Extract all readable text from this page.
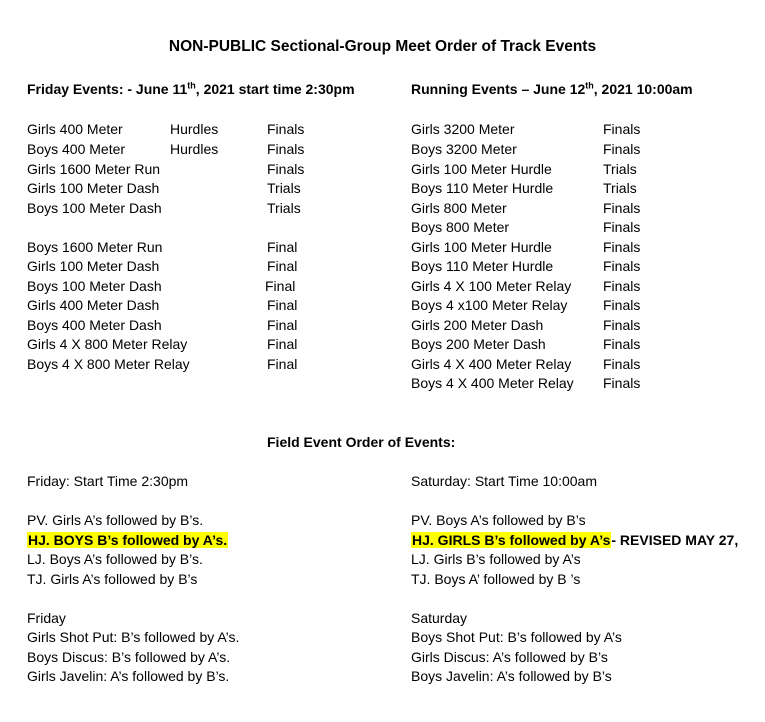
NON-PUBLIC Sectional-Group Meet Order of Track Events
Friday Events: - June 11th, 2021 start time 2:30pm	Running Events – June 12th, 2021 10:00am
Girls 400 Meter	Hurdles	Finals
Boys 400 Meter	Hurdles	Finals
Girls 1600 Meter Run	Finals
Girls 100 Meter Dash	Trials
Boys 100 Meter Dash	Trials
Boys 1600 Meter Run	Final
Girls 100 Meter Dash	Final
Boys 100 Meter Dash	Final
Girls 400 Meter Dash	Final
Boys 400 Meter Dash	Final
Girls 4 X 800 Meter Relay	Final
Boys 4 X 800 Meter Relay	Final
Girls 3200 Meter	Finals
Boys 3200 Meter	Finals
Girls 100 Meter Hurdle	Trials
Boys 110 Meter Hurdle	Trials
Girls 800 Meter	Finals
Boys 800 Meter	Finals
Girls 100 Meter Hurdle	Finals
Boys 110 Meter Hurdle	Finals
Girls 4 X 100 Meter Relay Finals
Boys 4 x100 Meter Relay	Finals
Girls 200 Meter Dash	Finals
Boys 200 Meter Dash	Finals
Girls 4 X 400 Meter Relay Finals
Boys 4 X 400 Meter Relay Finals
Field Event Order of Events:
Friday: Start Time 2:30pm	Saturday: Start Time 10:00am
PV. Girls A’s followed by B’s.
HJ. BOYS B’s followed by A’s.
LJ. Boys A’s followed by B’s.
TJ. Girls A’s followed by B’s
PV. Boys A’s followed by B’s
HJ. GIRLS B’s followed by A’s- REVISED MAY 27,
LJ. Girls B’s followed by A’s
TJ. Boys A’ followed by B ’s
Friday
Girls Shot Put: B’s followed by A’s.
Boys Discus: B’s followed by A’s.
Girls Javelin: A’s followed by B’s.
Saturday
Boys Shot Put: B’s followed by A’s
Girls Discus: A’s followed by B’s
Boys Javelin: A’s followed by B’s
